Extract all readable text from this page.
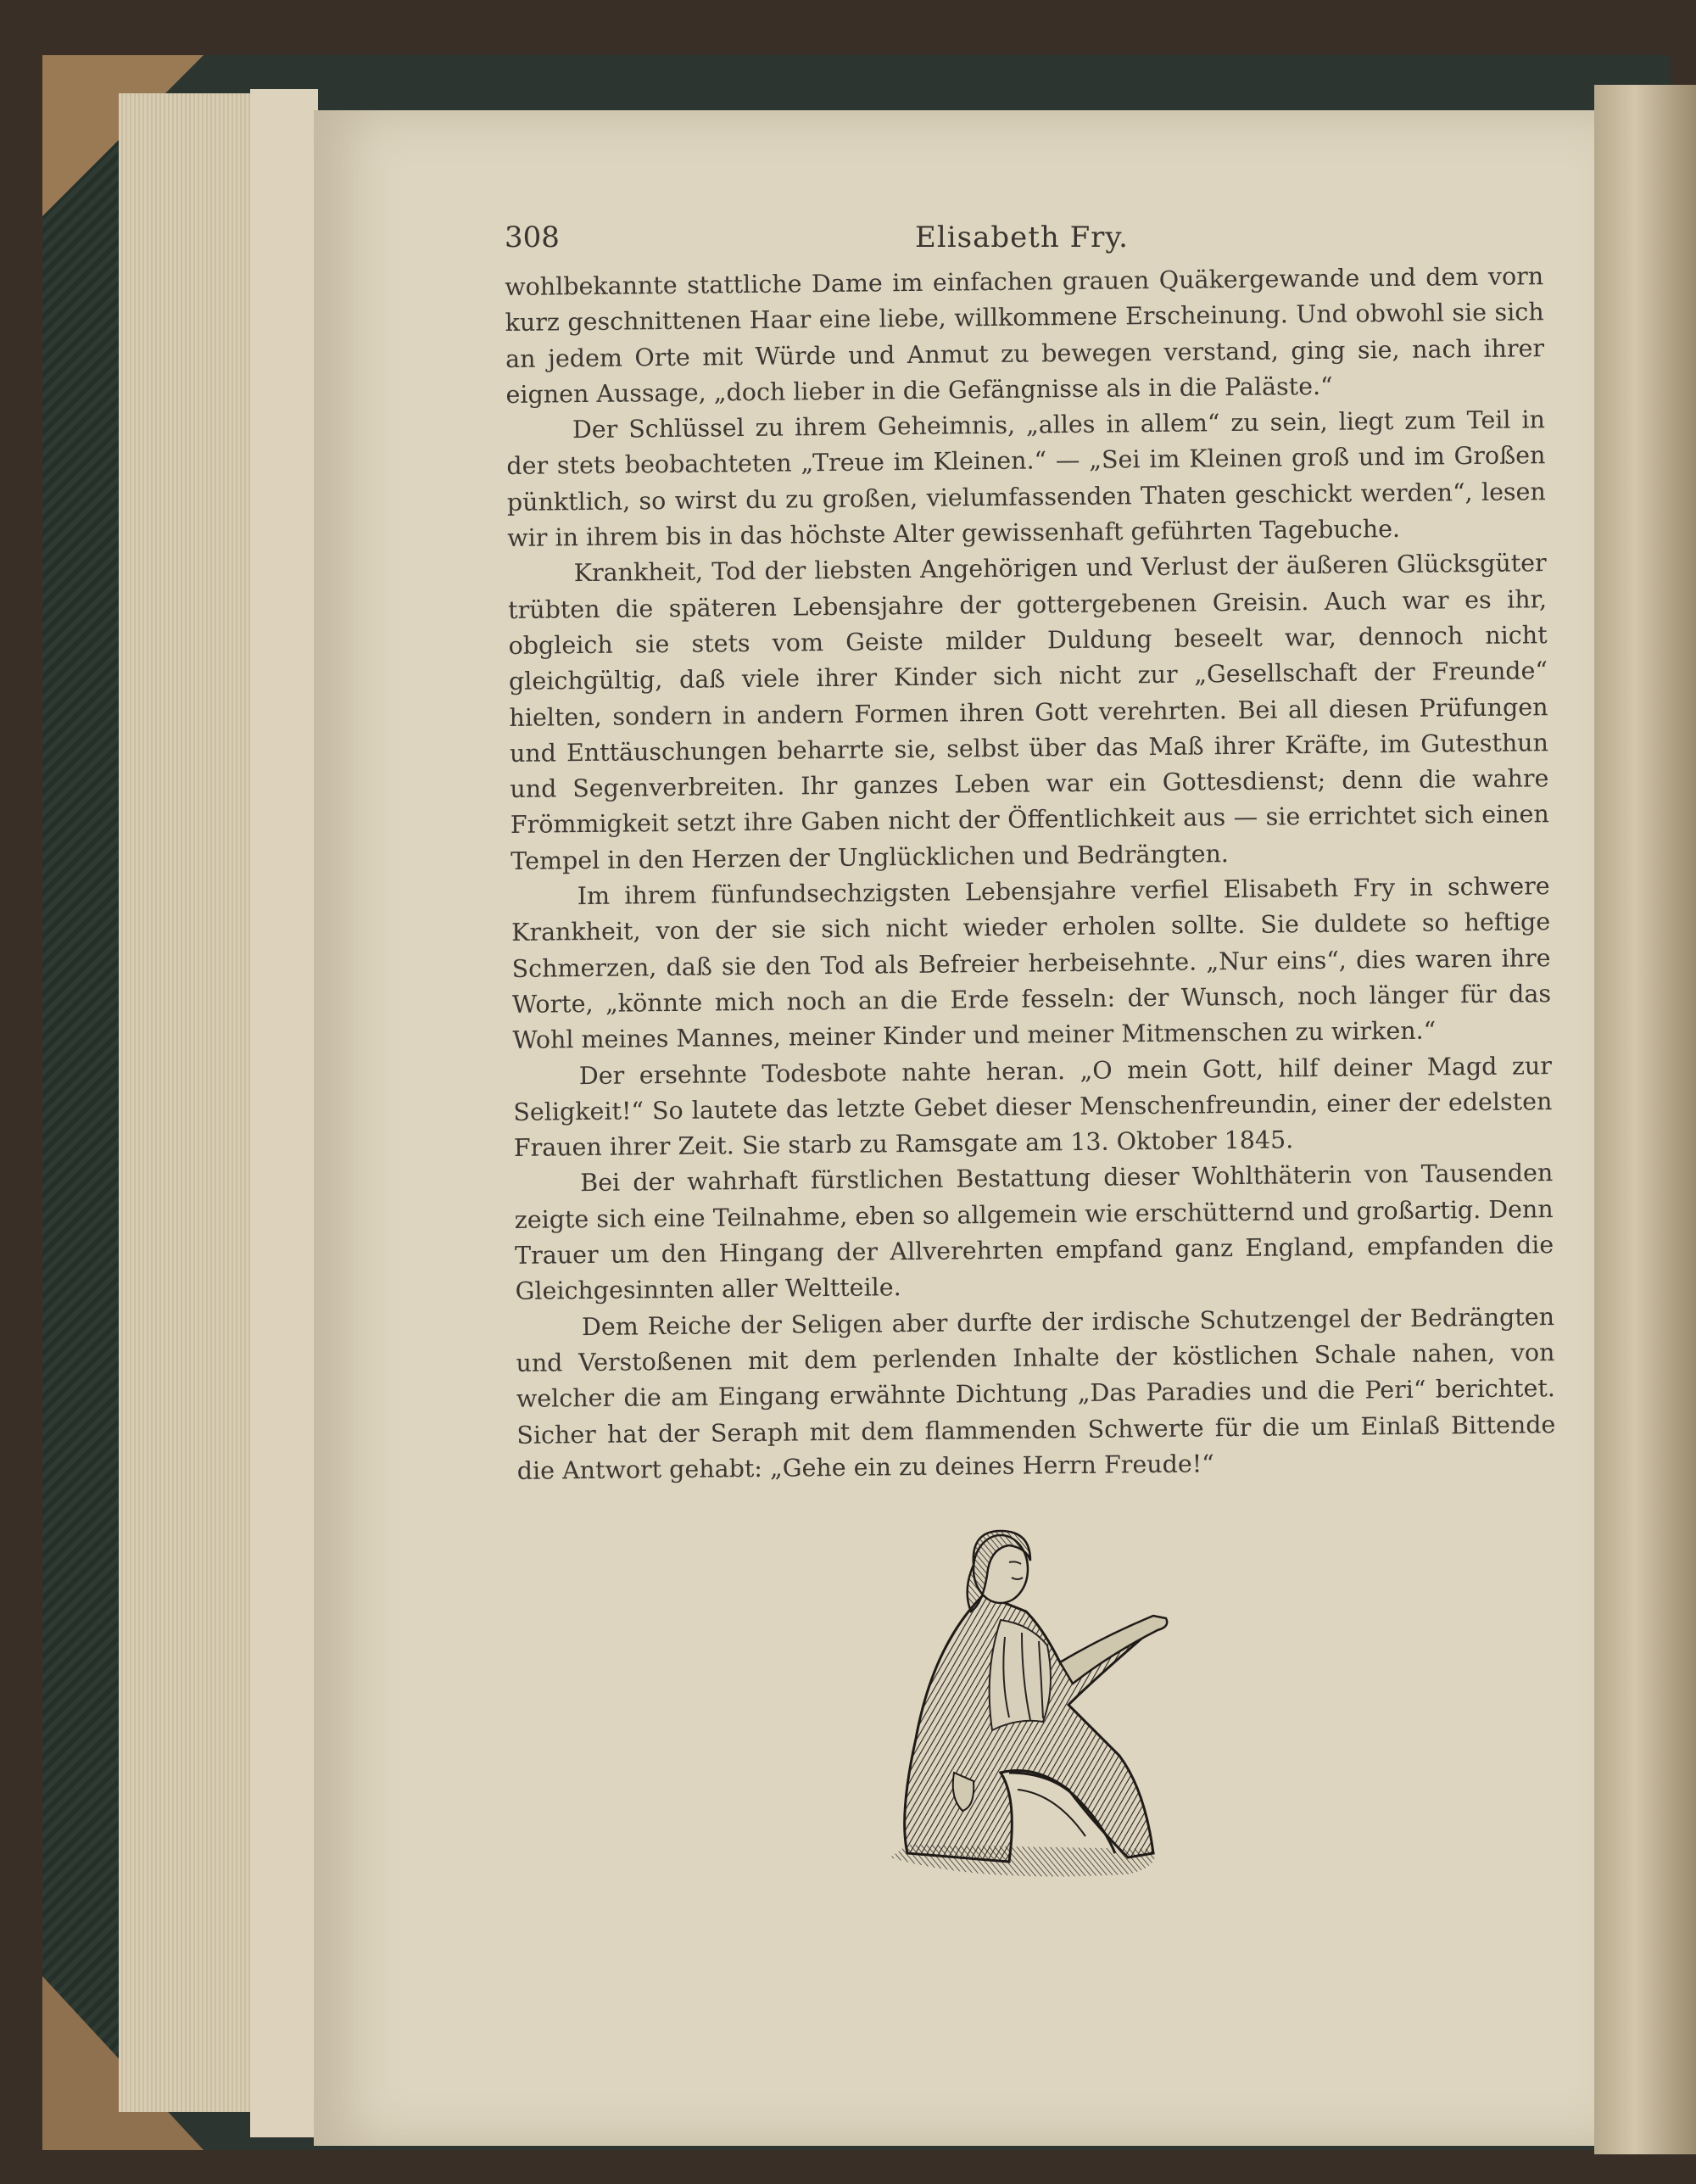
308	Elisabeth Fry.

wohlbekannte stattliche Dame im einfachen grauen Quäkergewande und dem vorn kurz geschnittenen Haar eine liebe, willkommene Erscheinung. Und obwohl sie sich an jedem Orte mit Würde und Anmut zu bewegen verstand, ging sie, nach ihrer eignen Aussage, „doch lieber in die Gefängnisse als in die Paläste.“

Der Schlüssel zu ihrem Geheimnis, „alles in allem“ zu sein, liegt zum Teil in der stets beobachteten „Treue im Kleinen.“ — „Sei im Kleinen groß und im Großen pünktlich, so wirst du zu großen, vielumfassenden Thaten geschickt werden“, lesen wir in ihrem bis in das höchste Alter gewissenhaft geführten Tagebuche.

Krankheit, Tod der liebsten Angehörigen und Verlust der äußeren Glücksgüter trübten die späteren Lebensjahre der gottergebenen Greisin. Auch war es ihr, obgleich sie stets vom Geiste milder Duldung beseelt war, dennoch nicht gleichgültig, daß viele ihrer Kinder sich nicht zur „Gesellschaft der Freunde“ hielten, sondern in andern Formen ihren Gott verehrten. Bei all diesen Prüfungen und Enttäuschungen beharrte sie, selbst über das Maß ihrer Kräfte, im Gutesthun und Segenverbreiten. Ihr ganzes Leben war ein Gottesdienst; denn die wahre Frömmigkeit setzt ihre Gaben nicht der Öffentlichkeit aus — sie errichtet sich einen Tempel in den Herzen der Unglücklichen und Bedrängten.

Im ihrem fünfundsechzigsten Lebensjahre verfiel Elisabeth Fry in schwere Krankheit, von der sie sich nicht wieder erholen sollte. Sie duldete so heftige Schmerzen, daß sie den Tod als Befreier herbeisehnte. „Nur eins“, dies waren ihre Worte, „könnte mich noch an die Erde fesseln: der Wunsch, noch länger für das Wohl meines Mannes, meiner Kinder und meiner Mitmenschen zu wirken.“

Der ersehnte Todesbote nahte heran. „O mein Gott, hilf deiner Magd zur Seligkeit!“ So lautete das letzte Gebet dieser Menschenfreundin, einer der edelsten Frauen ihrer Zeit. Sie starb zu Ramsgate am 13. Oktober 1845.

Bei der wahrhaft fürstlichen Bestattung dieser Wohlthäterin von Tausenden zeigte sich eine Teilnahme, eben so allgemein wie erschütternd und großartig. Denn Trauer um den Hingang der Allverehrten empfand ganz England, empfanden die Gleichgesinnten aller Weltteile.

Dem Reiche der Seligen aber durfte der irdische Schutzengel der Bedrängten und Verstoßenen mit dem perlenden Inhalte der köstlichen Schale nahen, von welcher die am Eingang erwähnte Dichtung „Das Paradies und die Peri“ berichtet. Sicher hat der Seraph mit dem flammenden Schwerte für die um Einlaß Bittende die Antwort gehabt: „Gehe ein zu deines Herrn Freude!“
